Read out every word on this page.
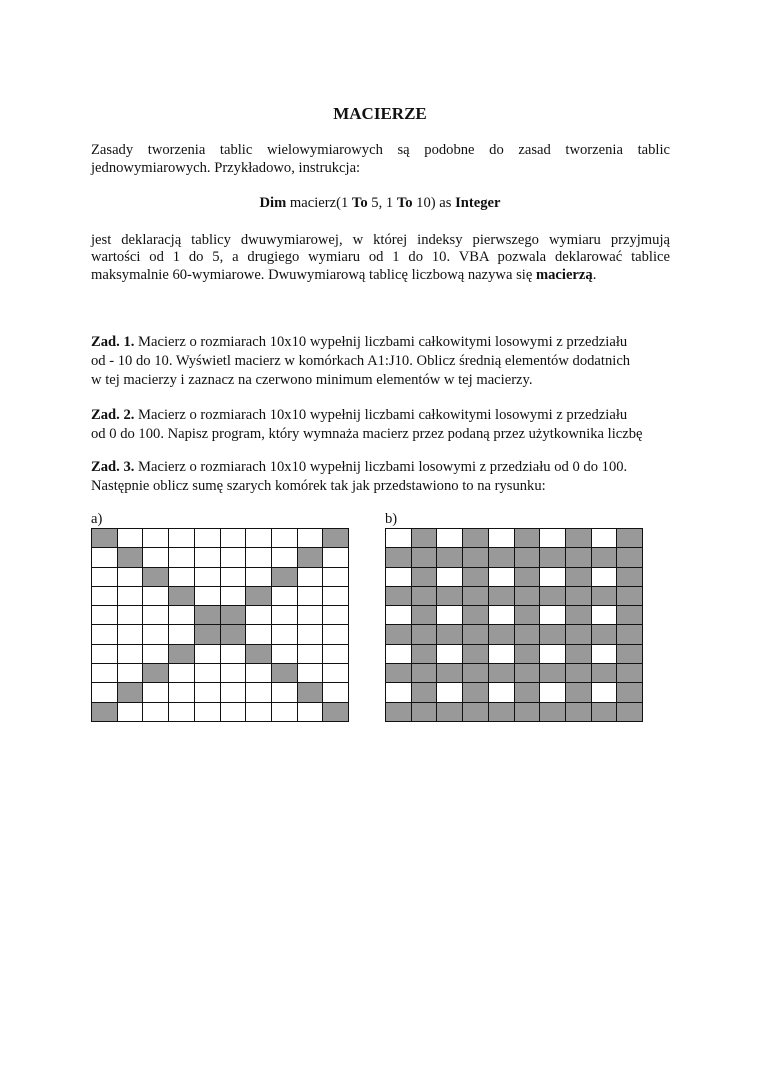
MACIERZE
Zasady tworzenia tablic wielowymiarowych są podobne do zasad tworzenia tablic
jednowymiarowych. Przykładowo, instrukcja:
Dim macierz(1 To 5, 1 To 10) as Integer
jest deklaracją tablicy dwuwymiarowej, w której indeksy pierwszego wymiaru przyjmują
wartości od 1 do 5, a drugiego wymiaru od 1 do 10. VBA pozwala deklarować tablice
maksymalnie 60-wymiarowe. Dwuwymiarową tablicę liczbową nazywa się macierzą.
Zad. 1. Macierz o rozmiarach 10x10 wypełnij liczbami całkowitymi losowymi z przedziału
od - 10 do 10. Wyświetl macierz w komórkach A1:J10. Oblicz średnią elementów dodatnich
w tej macierzy i zaznacz na czerwono minimum elementów w tej macierzy.
Zad. 2. Macierz o rozmiarach 10x10 wypełnij liczbami całkowitymi losowymi z przedziału
od 0 do 100. Napisz program, który wymnaża macierz przez podaną przez użytkownika liczbę
Zad. 3. Macierz o rozmiarach 10x10 wypełnij liczbami losowymi z przedziału od 0 do 100.
Następnie oblicz sumę szarych komórek tak jak przedstawiono to na rysunku:
a)	b)
